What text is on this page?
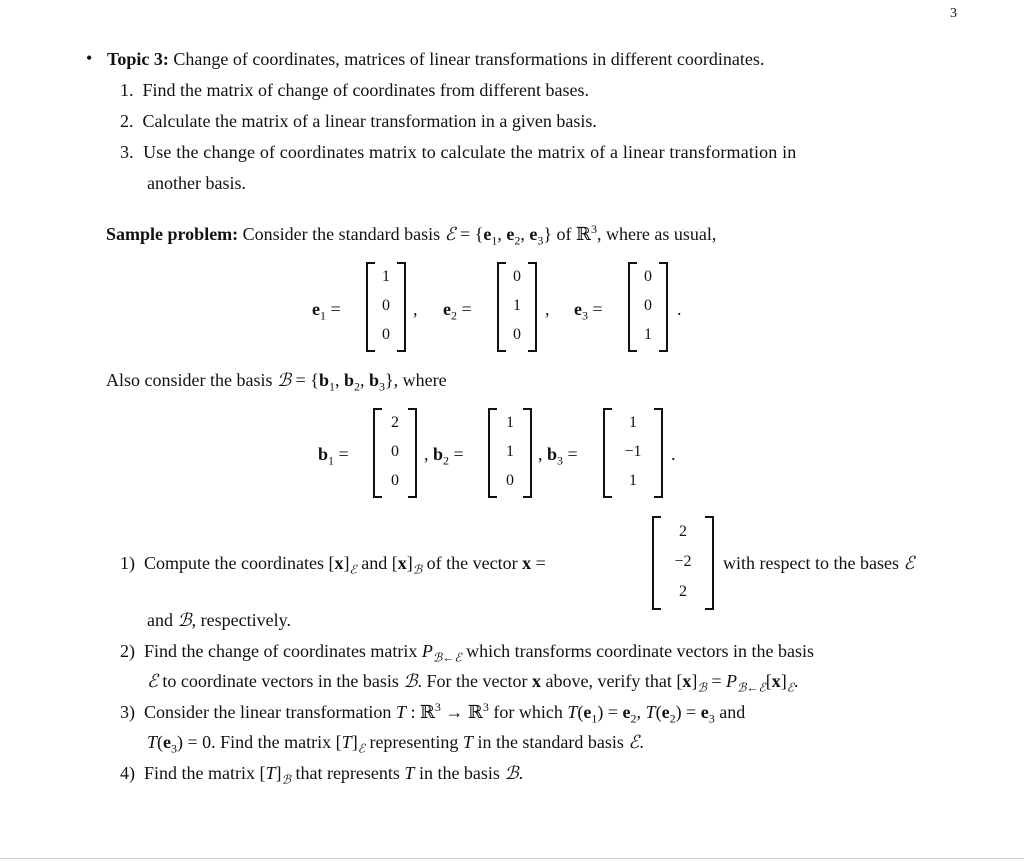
3
• Topic 3: Change of coordinates, matrices of linear transformations in different coordinates.
1. Find the matrix of change of coordinates from different bases.
2. Calculate the matrix of a linear transformation in a given basis.
3. Use the change of coordinates matrix to calculate the matrix of a linear transformation in
another basis.
Sample problem: Consider the standard basis ℰ = {$e_1$, $e_2$, $e_3$} of ℝ$^3$, where as usual,
$e_1$ =
1
0
0
, $e_2$ =
0
1
0
, $e_3$ =
0
0
1
.
Also consider the basis ℬ = {$b_1$, $b_2$, $b_3$}, where
$b_1$ =
2
0
0
, $b_2$ =
1
1
0
, $b_3$ =
1
−1
1
.
1) Compute the coordinates $[x]_ℰ$ and $[x]_ℬ$ of the vector x =
2
−2
2
with respect to the bases ℰ
and ℬ, respectively.
2) Find the change of coordinates matrix $P_{ℬ\leftarrow ℰ}$ which transforms coordinate vectors in the basis
ℰ to coordinate vectors in the basis ℬ. For the vector x above, verify that $[x]_ℬ = P_{ℬ\leftarrow ℰ}[x]_ℰ$.
3) Consider the linear transformation T : ℝ$^3$ → ℝ$^3$ for which $T(e_1) = e_2$, $T(e_2) = e_3$ and
$T(e_3) = 0$. Find the matrix $[T]_ℰ$ representing T in the standard basis ℰ.
4) Find the matrix $[T]_ℬ$ that represents T in the basis ℬ.
